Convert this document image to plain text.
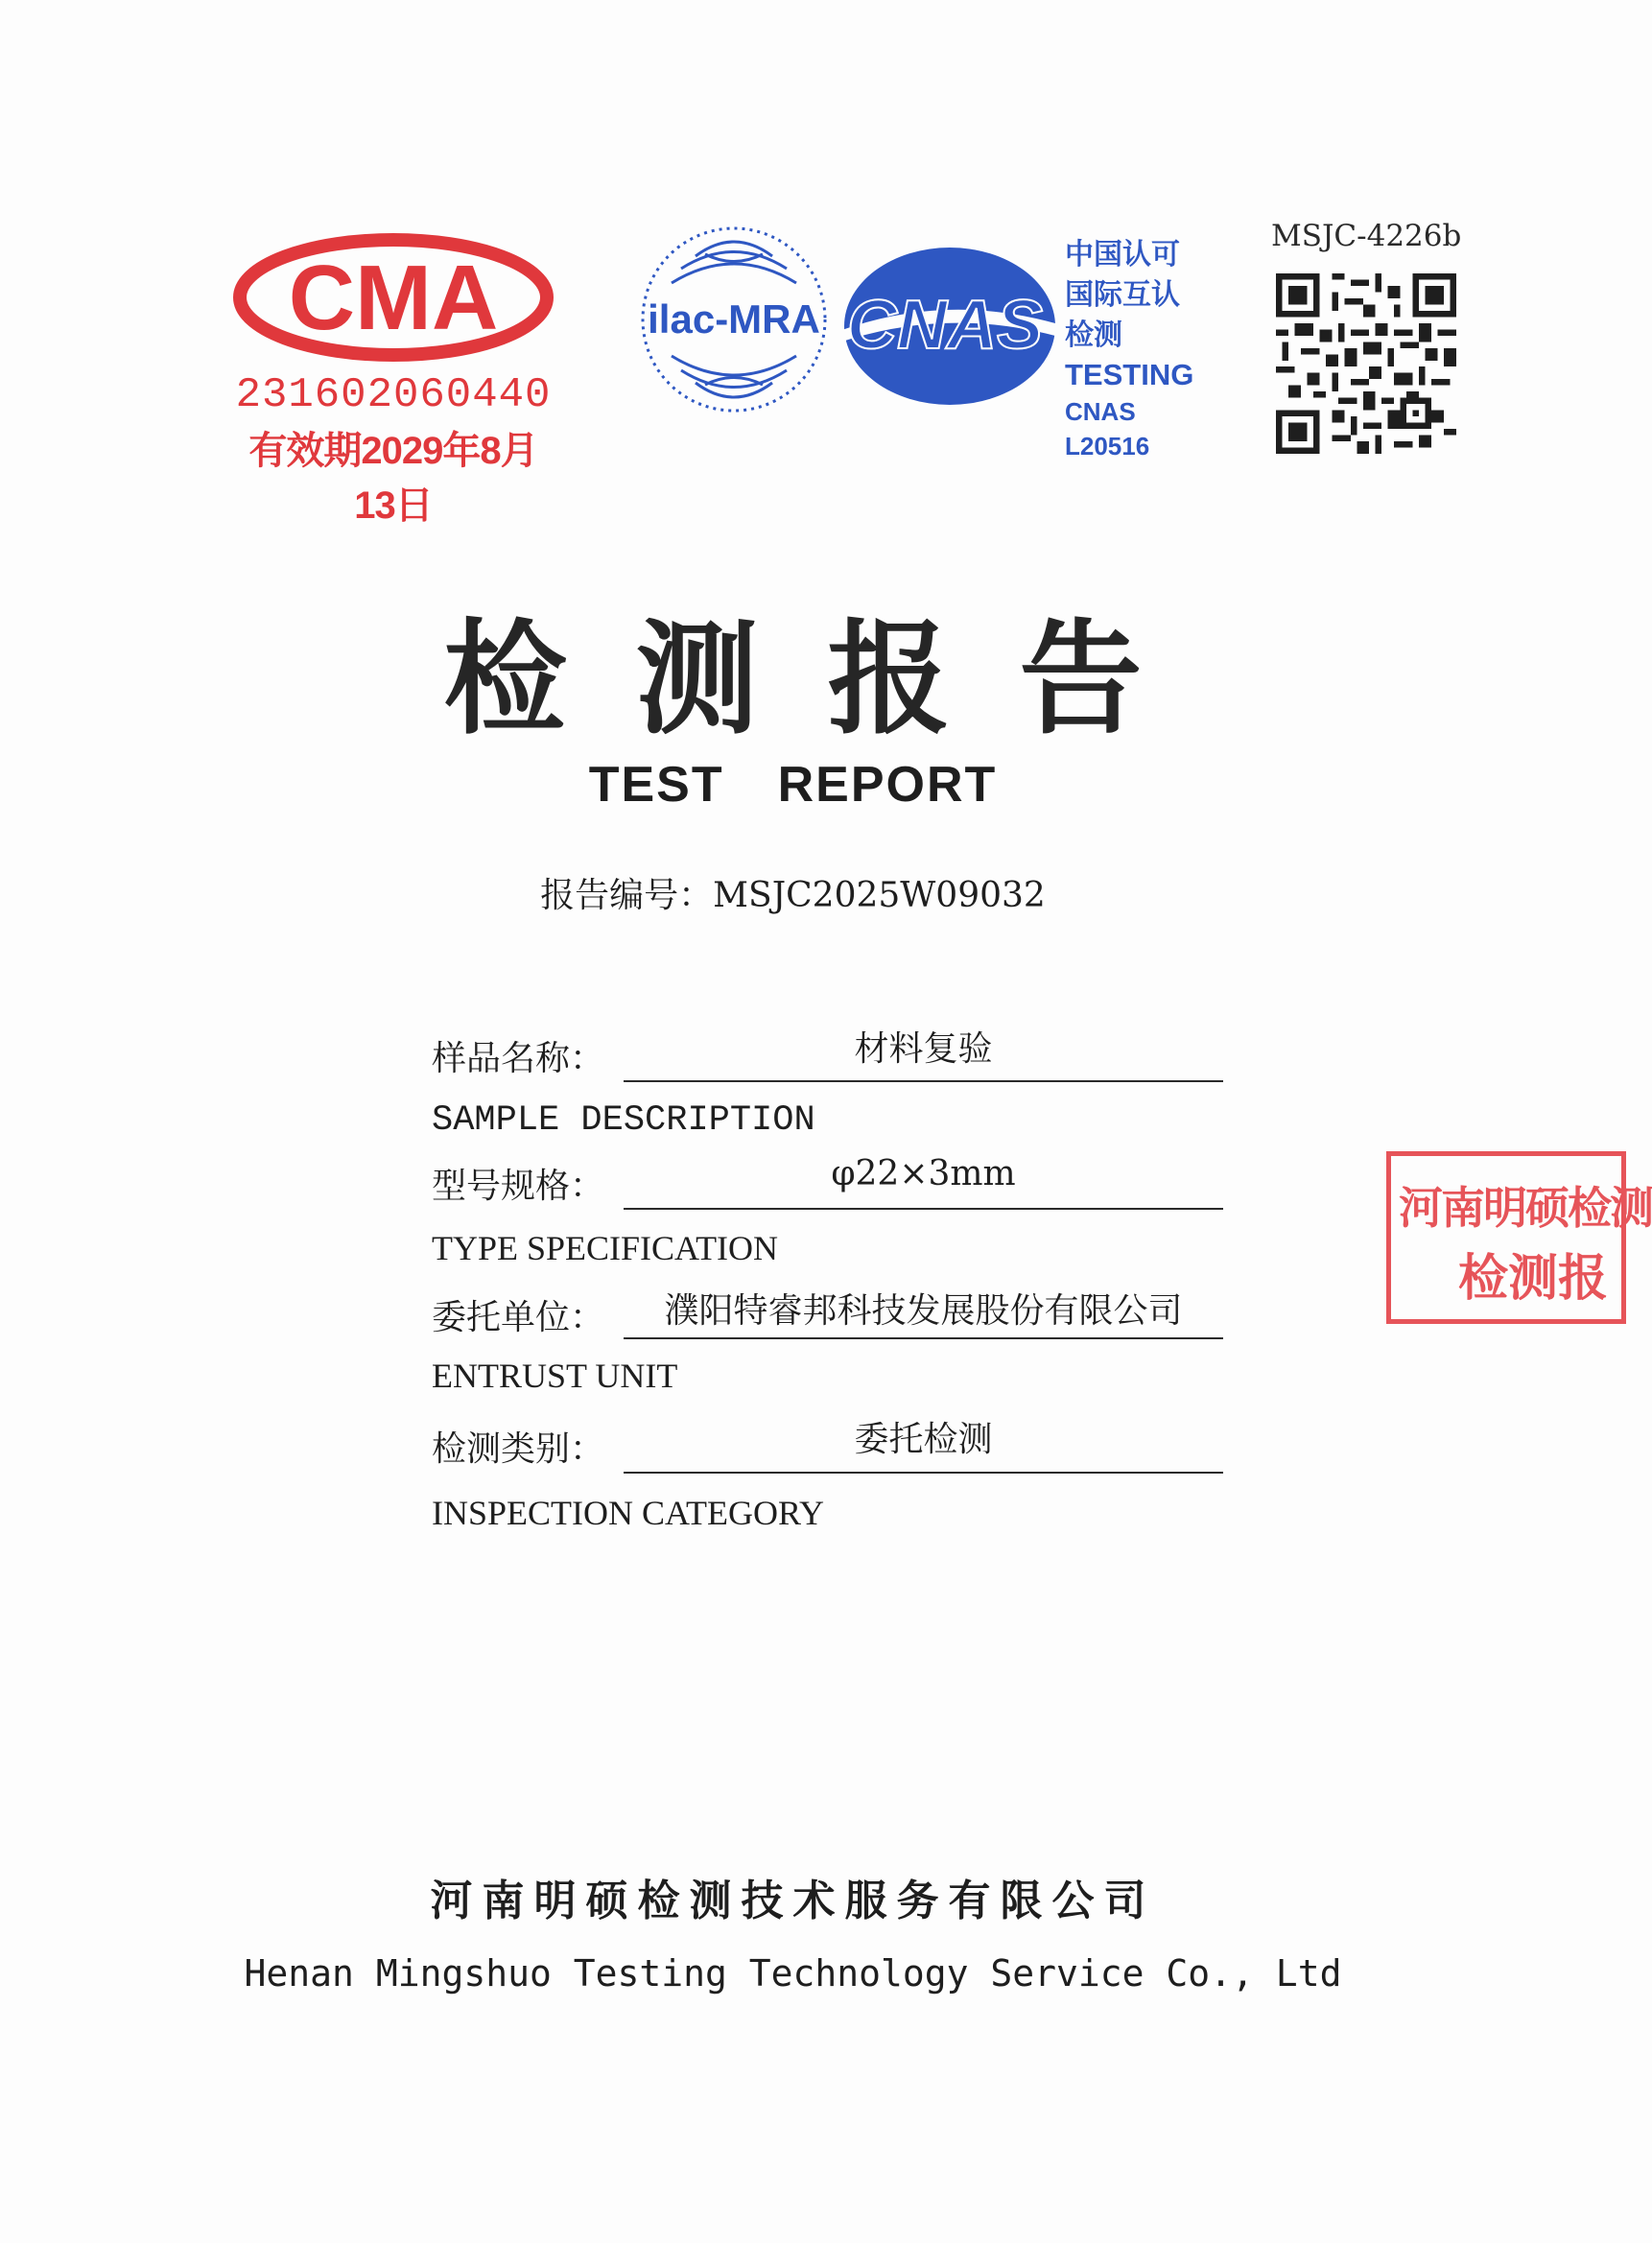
CMA
231602060440
有效期2029年8月13日
ilac-MRA CNAS
中国认可
国际互认
检测
TESTING
CNAS L20516
MSJC-4226b
检测报告
TEST REPORT
报告编号：MSJC2025W09032
样品名称：	材料复验
SAMPLE DESCRIPTION
型号规格：	φ22×3mm
TYPE SPECIFICATION
委托单位：	濮阳特睿邦科技发展股份有限公司
ENTRUST UNIT
检测类别：	委托检测
INSPECTION CATEGORY
河南明硕检测
检测报
河南明硕检测技术服务有限公司
Henan Mingshuo Testing Technology Service Co., Ltd
